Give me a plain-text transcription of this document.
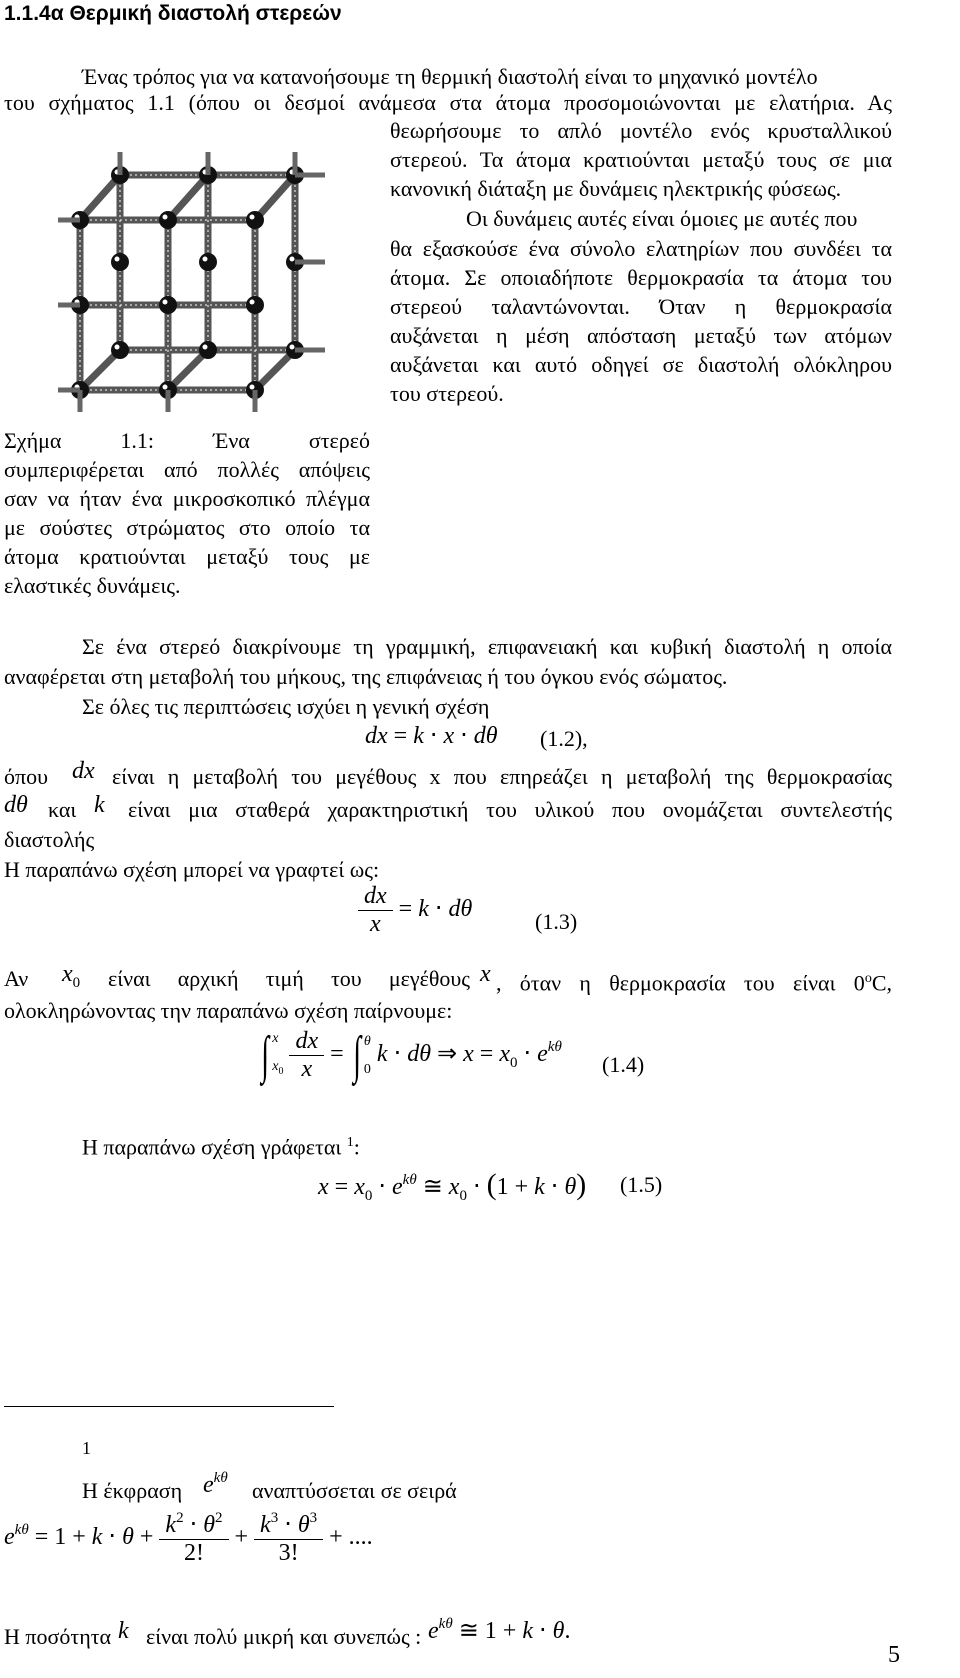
1.1.4α Θερμική διαστολή στερεών
Ένας τρόπος για να κατανοήσουμε τη θερμική διαστολή είναι το μηχανικό μοντέλο
του σχήματος 1.1 (όπου οι δεσμοί ανάμεσα στα άτομα προσομοιώνονται με ελατήρια. Ας
θεωρήσουμε το απλό μοντέλο ενός κρυσταλλικού
στερεού. Τα άτομα κρατιούνται μεταξύ τους σε μια
κανονική διάταξη με δυνάμεις ηλεκτρικής φύσεως.
Οι δυνάμεις αυτές είναι όμοιες με αυτές που
θα εξασκούσε ένα σύνολο ελατηρίων που συνδέει τα
άτομα. Σε οποιαδήποτε θερμοκρασία τα άτομα του
στερεού ταλαντώνονται. Όταν η θερμοκρασία
αυξάνεται η μέση απόσταση μεταξύ των ατόμων
αυξάνεται και αυτό οδηγεί σε διαστολή ολόκληρου
του στερεού.
Σχήμα 1.1: Ένα στερεό
συμπεριφέρεται από πολλές απόψεις
σαν να ήταν ένα μικροσκοπικό πλέγμα
με σούστες στρώματος στο οποίο τα
άτομα κρατιούνται μεταξύ τους με
ελαστικές δυνάμεις.
Σε ένα στερεό διακρίνουμε τη γραμμική, επιφανειακή και κυβική διαστολή η οποία
αναφέρεται στη μεταβολή του μήκους, της επιφάνειας ή του όγκου ενός σώματος.
Σε όλες τις περιπτώσεις ισχύει η γενική σχέση
dx = k ⋅ x ⋅ dθ (1.2),
όπου dx είναι η μεταβολή του μεγέθους x που επηρεάζει η μεταβολή της θερμοκρασίας
dθ και k είναι μια σταθερά χαρακτηριστική του υλικού που ονομάζεται συντελεστής
διαστολής
Η παραπάνω σχέση μπορεί να γραφτεί ως:
$\frac{dx}{x} = k \cdot d\theta$	(1.3)
Αν $x_0$ είναι αρχική τιμή του μεγέθους x , όταν η θερμοκρασία του είναι $0^oC$,
ολοκληρώνοντας την παραπάνω σχέση παίρνουμε:
∫ x

$x_0 \frac{dx}{x}$ = ∫ θ

0 k ⋅ dθ ⇒ $x = x_0 \cdot e^{k\theta}$
(1.4)
Η παραπάνω σχέση γράφεται $^1$:
$x = x_0 \cdot e^{k\theta}$ ≅ $x_0 \cdot (1 + k \cdot \theta)$ (1.5)
1
Η έκφραση $e^{k\theta}$ αναπτύσσεται σε σειρά
$e^{k\theta} = 1 + k \cdot \theta + \frac{k^2 \cdot \theta^2}{2!} + \frac{k^3 \cdot \theta^3}{3!}$ + ....
Η ποσότητα k είναι πολύ μικρή και συνεπώς : $e^{k\theta}$ ≅ 1 + k ⋅ θ.
5
